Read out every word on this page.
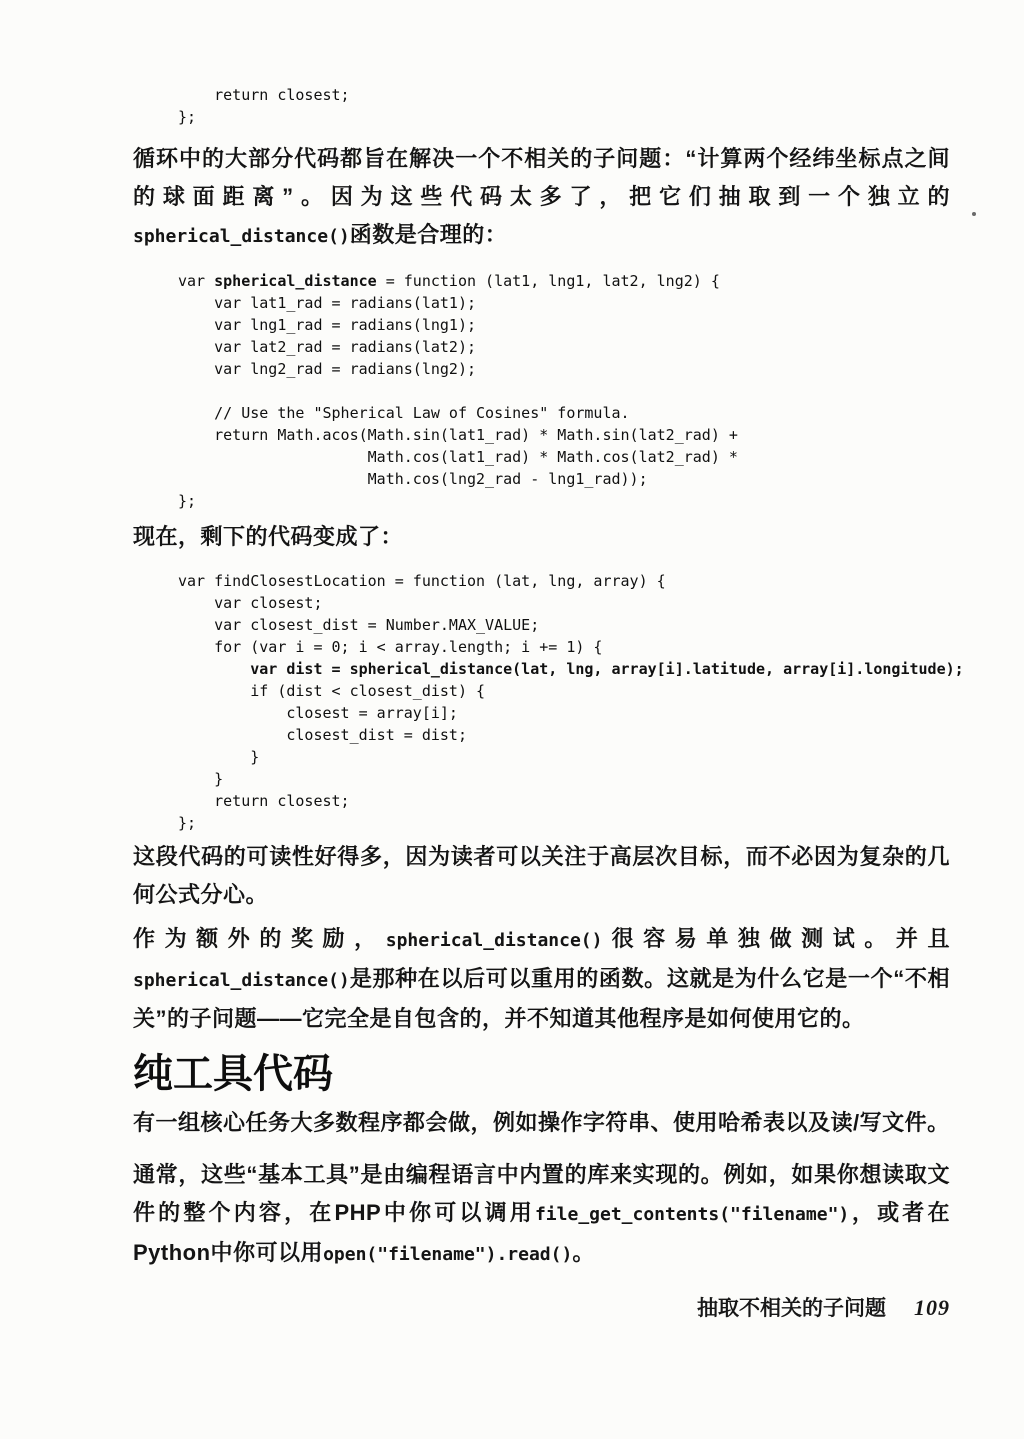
return closest;
};

循环中的大部分代码都旨在解决一个不相关的子问题：“计算两个经纬坐标点之间的球面距离”。因为这些代码太多了，把它们抽取到一个独立的spherical_distance()函数是合理的：

var spherical_distance = function (lat1, lng1, lat2, lng2) {
var lat1_rad = radians(lat1);
var lng1_rad = radians(lng1);
var lat2_rad = radians(lat2);
var lng2_rad = radians(lng2);

// Use the "Spherical Law of Cosines" formula.
return Math.acos(Math.sin(lat1_rad) * Math.sin(lat2_rad) +
Math.cos(lat1_rad) * Math.cos(lat2_rad) *
Math.cos(lng2_rad - lng1_rad));
};

现在，剩下的代码变成了：

var findClosestLocation = function (lat, lng, array) {
var closest;
var closest_dist = Number.MAX_VALUE;
for (var i = 0; i < array.length; i += 1) {
var dist = spherical_distance(lat, lng, array[i].latitude, array[i].longitude);
if (dist < closest_dist) {
closest = array[i];
closest_dist = dist;
}
}
return closest;
};

这段代码的可读性好得多，因为读者可以关注于高层次目标，而不必因为复杂的几何公式分心。

作为额外的奖励，spherical_distance()很容易单独做测试。并且spherical_distance()是那种在以后可以重用的函数。这就是为什么它是一个“不相关”的子问题——它完全是自包含的，并不知道其他程序是如何使用它的。

纯工具代码

有一组核心任务大多数程序都会做，例如操作字符串、使用哈希表以及读/写文件。

通常，这些“基本工具”是由编程语言中内置的库来实现的。例如，如果你想读取文件的整个内容，在PHP中你可以调用file_get_contents("filename")，或者在Python中你可以用open("filename").read()。

抽取不相关的子问题 109
